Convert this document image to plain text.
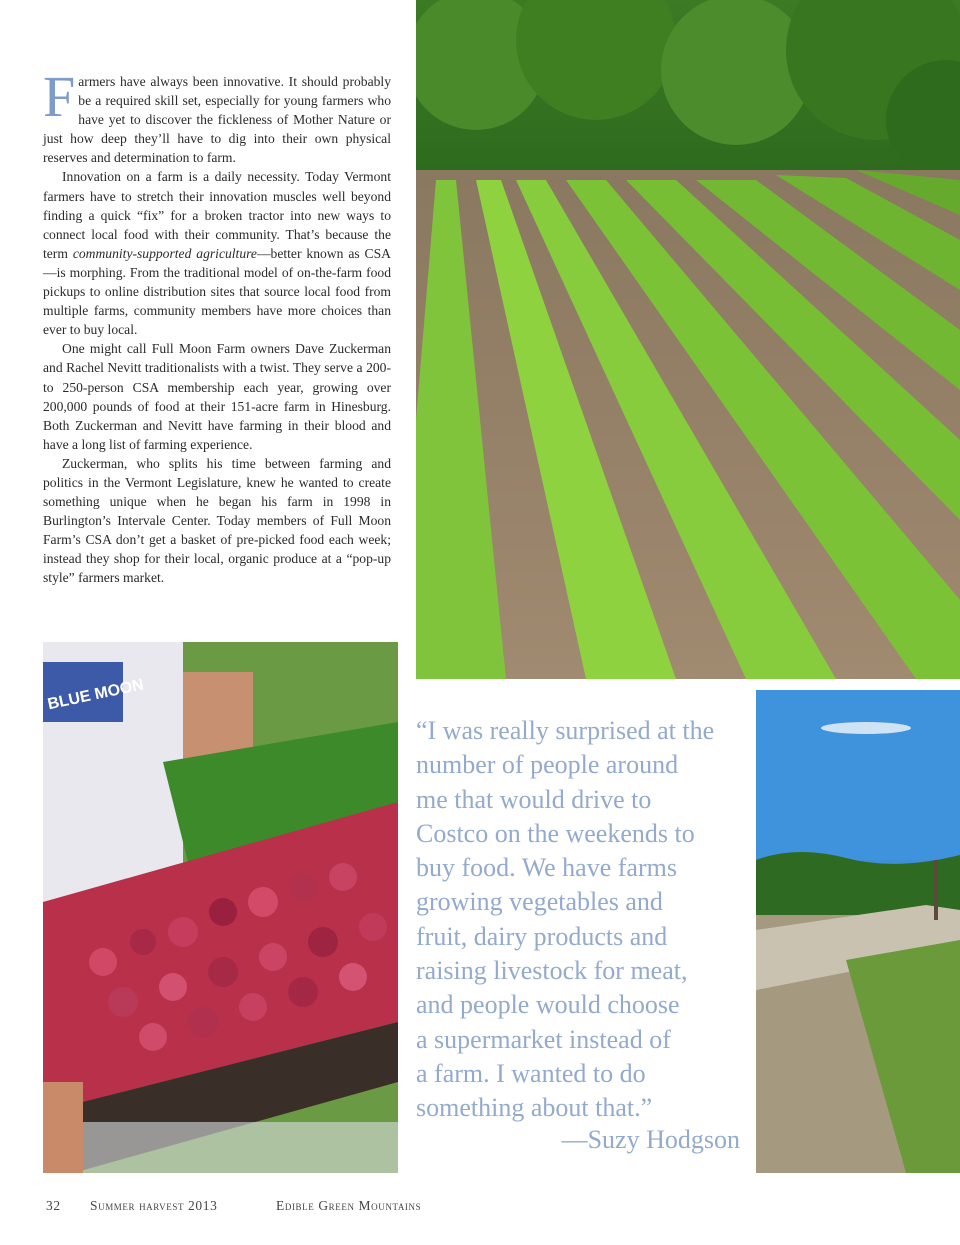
Farmers have always been innovative. It should probably be a required skill set, especially for young farmers who have yet to discover the fickleness of Mother Nature or just how deep they’ll have to dig into their own physical reserves and determination to farm.

Innovation on a farm is a daily necessity. Today Vermont farmers have to stretch their innovation muscles well beyond finding a quick “fix” for a broken tractor into new ways to connect local food with their community. That’s because the term community-supported agriculture—better known as CSA—is morphing. From the traditional model of on-the-farm food pickups to online distribution sites that source local food from multiple farms, community members have more choices than ever to buy local.

One might call Full Moon Farm owners Dave Zuckerman and Rachel Nevitt traditionalists with a twist. They serve a 200- to 250-person CSA membership each year, growing over 200,000 pounds of food at their 151-acre farm in Hinesburg. Both Zuckerman and Nevitt have farming in their blood and have a long list of farming experience.

Zuckerman, who splits his time between farming and politics in the Vermont Legislature, knew he wanted to create something unique when he began his farm in 1998 in Burlington’s Intervale Center. Today members of Full Moon Farm’s CSA don’t get a basket of pre-picked food each week; instead they shop for their local, organic produce at a “pop-up style” farmers market.

BLUE MOON
“I was really surprised at the
number of people around
me that would drive to
Costco on the weekends to
buy food. We have farms
growing vegetables and
fruit, dairy products and
raising livestock for meat,
and people would choose
a supermarket instead of
a farm. I wanted to do
something about that.”
—Suzy Hodgson
32 Summer harvest 2013	Edible Green Mountains
